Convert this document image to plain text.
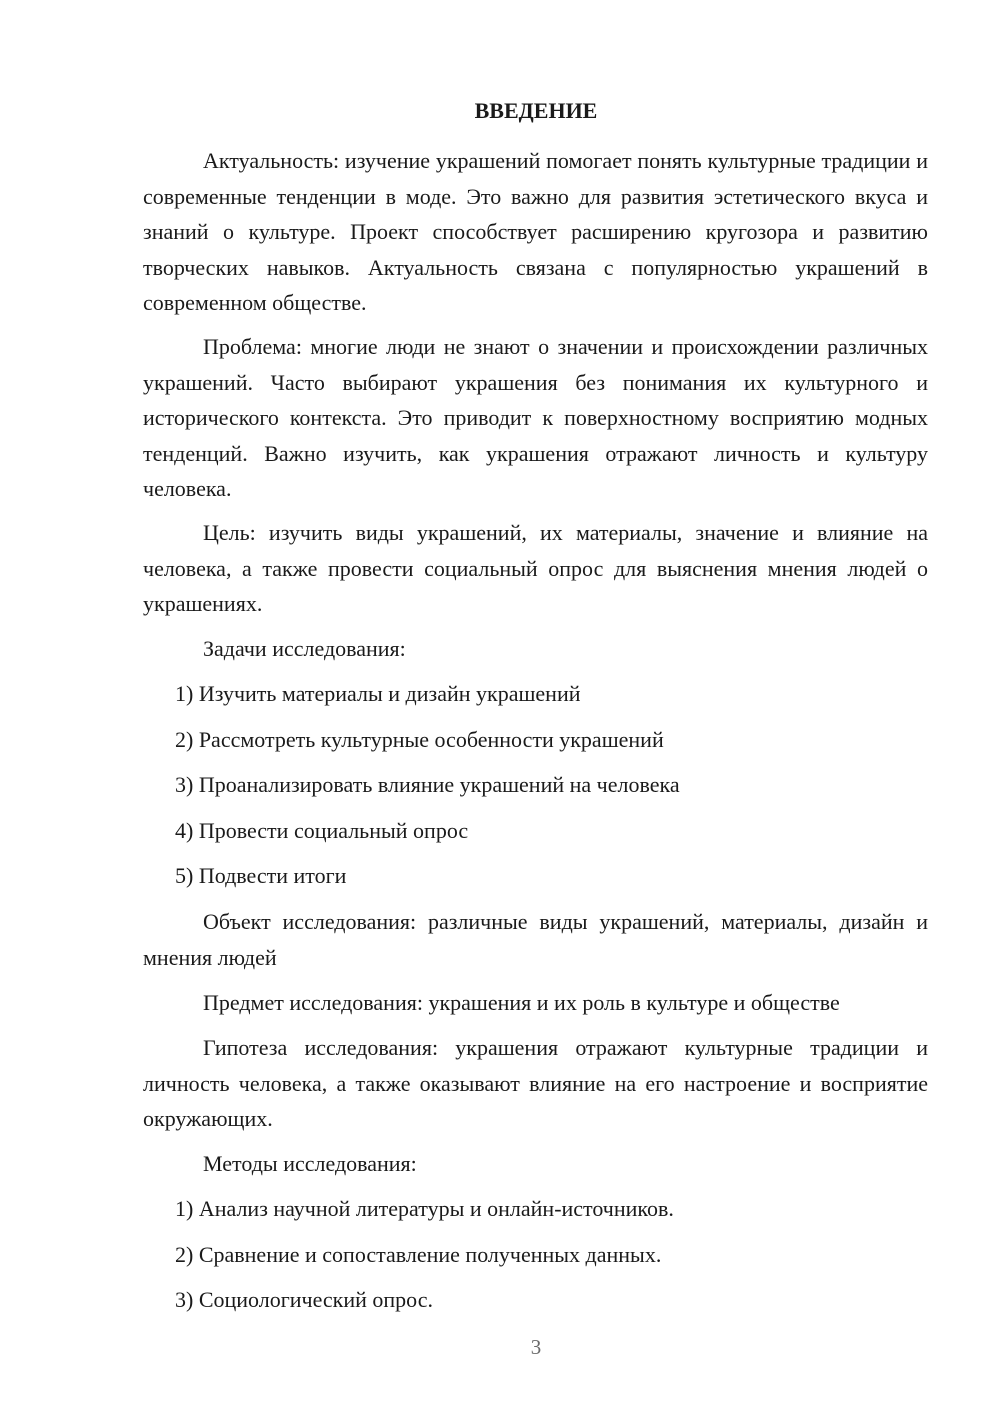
ВВЕДЕНИЕ

Актуальность: изучение украшений помогает понять культурные традиции и современные тенденции в моде. Это важно для развития эстетического вкуса и знаний о культуре. Проект способствует расширению кругозора и развитию творческих навыков. Актуальность связана с популярностью украшений в современном обществе.

Проблема: многие люди не знают о значении и происхождении различных украшений. Часто выбирают украшения без понимания их культурного и исторического контекста. Это приводит к поверхностному восприятию модных тенденций. Важно изучить, как украшения отражают личность и культуру человека.

Цель: изучить виды украшений, их материалы, значение и влияние на человека, а также провести социальный опрос для выяснения мнения людей о украшениях.

Задачи исследования:

1) Изучить материалы и дизайн украшений

2) Рассмотреть культурные особенности украшений

3) Проанализировать влияние украшений на человека

4) Провести социальный опрос

5) Подвести итоги

Объект исследования: различные виды украшений, материалы, дизайн и мнения людей

Предмет исследования: украшения и их роль в культуре и обществе

Гипотеза исследования: украшения отражают культурные традиции и личность человека, а также оказывают влияние на его настроение и восприятие окружающих.

Методы исследования:

1) Анализ научной литературы и онлайн-источников.

2) Сравнение и сопоставление полученных данных.

3) Социологический опрос.

3
